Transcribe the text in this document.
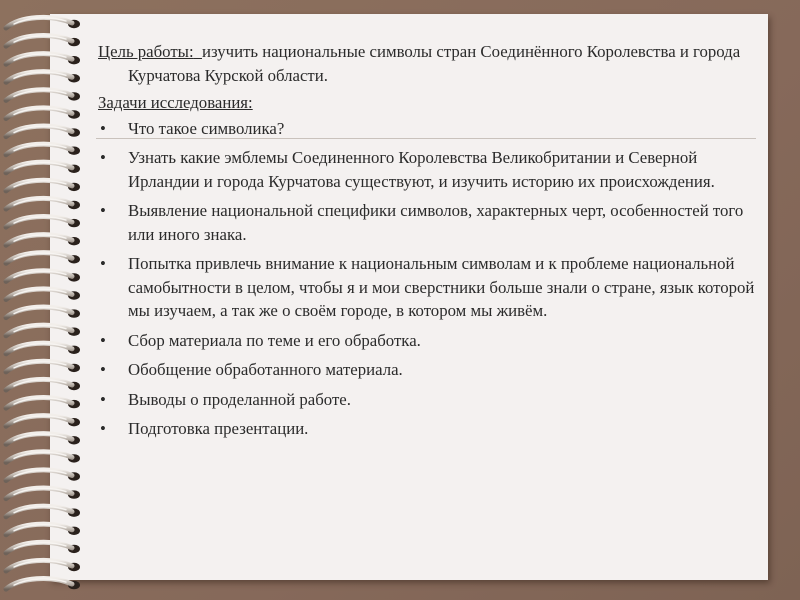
Цель работы: изучить национальные символы стран Соединённого Королевства и города Курчатова Курской области.

Задачи исследования:

• Что такое символика?
• Узнать какие эмблемы Соединенного Королевства Великобритании и Северной Ирландии и города Курчатова существуют, и изучить историю их происхождения.
• Выявление национальной специфики символов, характерных черт, особенностей того или иного знака.
• Попытка привлечь внимание к национальным символам и к проблеме национальной самобытности в целом, чтобы я и мои сверстники больше знали о стране, язык которой мы изучаем, а так же о своём городе, в котором мы живём.
• Сбор материала по теме и его обработка.
• Обобщение обработанного материала.
• Выводы о проделанной работе.
• Подготовка презентации.
